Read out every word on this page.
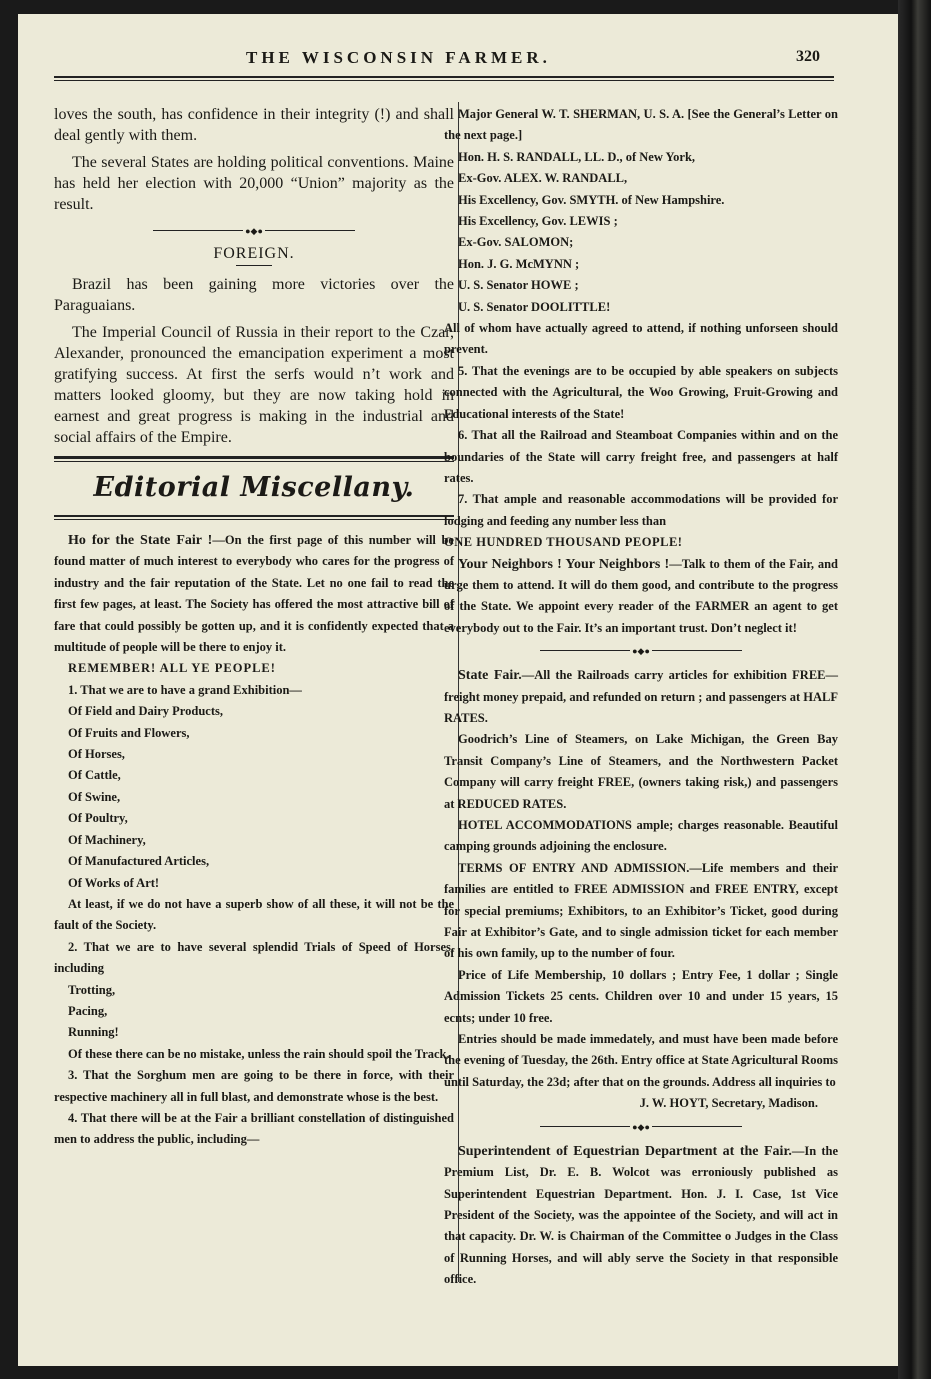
THE WISCONSIN FARMER.	320

loves the south, has confidence in their integrity (!) and shall deal gently with them.

The several States are holding political conventions. Maine has held her election with 20,000 “Union” majority as the result.

●◆●
FOREIGN.

Brazil has been gaining more victories over the Paraguaians.

The Imperial Council of Russia in their report to the Czar, Alexander, pronounced the emancipation experiment a most gratifying success. At first the serfs would n’t work and matters looked gloomy, but they are now taking hold in earnest and great progress is making in the industrial and social affairs of the Empire.

Editorial Miscellany.

Ho for the State Fair !—On the first page of this number will be found matter of much interest to everybody who cares for the progress of industry and the fair reputation of the State. Let no one fail to read the first few pages, at least. The Society has offered the most attractive bill of fare that could possibly be gotten up, and it is confidently expected that a multitude of people will be there to enjoy it.

REMEMBER! ALL YE PEOPLE!

1. That we are to have a grand Exhibition—

Of Field and Dairy Products,

Of Fruits and Flowers,

Of Horses,

Of Cattle,

Of Swine,

Of Poultry,

Of Machinery,

Of Manufactured Articles,

Of Works of Art!

At least, if we do not have a superb show of all these, it will not be the fault of the Society.

2. That we are to have several splendid Trials of Speed of Horses, including

Trotting,

Pacing,

Running!

Of these there can be no mistake, unless the rain should spoil the Track.

3. That the Sorghum men are going to be there in force, with their respective machinery all in full blast, and demonstrate whose is the best.

4. That there will be at the Fair a brilliant constellation of distinguished men to address the public, including—

Major General W. T. SHERMAN, U. S. A. [See the General’s Letter on the next page.]

Hon. H. S. RANDALL, LL. D., of New York,

Ex-Gov. ALEX. W. RANDALL,

His Excellency, Gov. SMYTH. of New Hampshire.

His Excellency, Gov. LEWIS ;

Ex-Gov. SALOMON;

Hon. J. G. McMYNN ;

U. S. Senator HOWE ;

U. S. Senator DOOLITTLE!

All of whom have actually agreed to attend, if nothing unforseen should prevent.

5. That the evenings are to be occupied by able speakers on subjects connected with the Agricultural, the Woo Growing, Fruit-Growing and Educational interests of the State!

6. That all the Railroad and Steamboat Companies within and on the boundaries of the State will carry freight free, and passengers at half rates.

7. That ample and reasonable accommodations will be provided for lodging and feeding any number less than

ONE HUNDRED THOUSAND PEOPLE!

Your Neighbors ! Your Neighbors !—Talk to them of the Fair, and urge them to attend. It will do them good, and contribute to the progress of the State. We appoint every reader of the FARMER an agent to get everybody out to the Fair. It’s an important trust. Don’t neglect it!

●◆●

State Fair.—All the Railroads carry articles for exhibition FREE—freight money prepaid, and refunded on return ; and passengers at HALF RATES.

Goodrich’s Line of Steamers, on Lake Michigan, the Green Bay Transit Company’s Line of Steamers, and the Northwestern Packet Company will carry freight FREE, (owners taking risk,) and passengers at REDUCED RATES.

HOTEL ACCOMMODATIONS ample; charges reasonable. Beautiful camping grounds adjoining the enclosure.

TERMS OF ENTRY AND ADMISSION.—Life members and their families are entitled to FREE ADMISSION and FREE ENTRY, except for special premiums; Exhibitors, to an Exhibitor’s Ticket, good during Fair at Exhibitor’s Gate, and to single admission ticket for each member of his own family, up to the number of four.

Price of Life Membership, 10 dollars ; Entry Fee, 1 dollar ; Single Admission Tickets 25 cents. Children over 10 and under 15 years, 15 ecnts; under 10 free.

Entries should be made immedately, and must have been made before the evening of Tuesday, the 26th. Entry office at State Agricultural Rooms until Saturday, the 23d; after that on the grounds. Address all inquiries to

J. W. HOYT, Secretary, Madison.

●◆●

Superintendent of Equestrian Department at the Fair.—In the Premium List, Dr. E. B. Wolcot was erroniously published as Superintendent Equestrian Department. Hon. J. I. Case, 1st Vice President of the Society, was the appointee of the Society, and will act in that capacity. Dr. W. is Chairman of the Committee o Judges in the Class of Running Horses, and will ably serve the Society in that responsible office.
